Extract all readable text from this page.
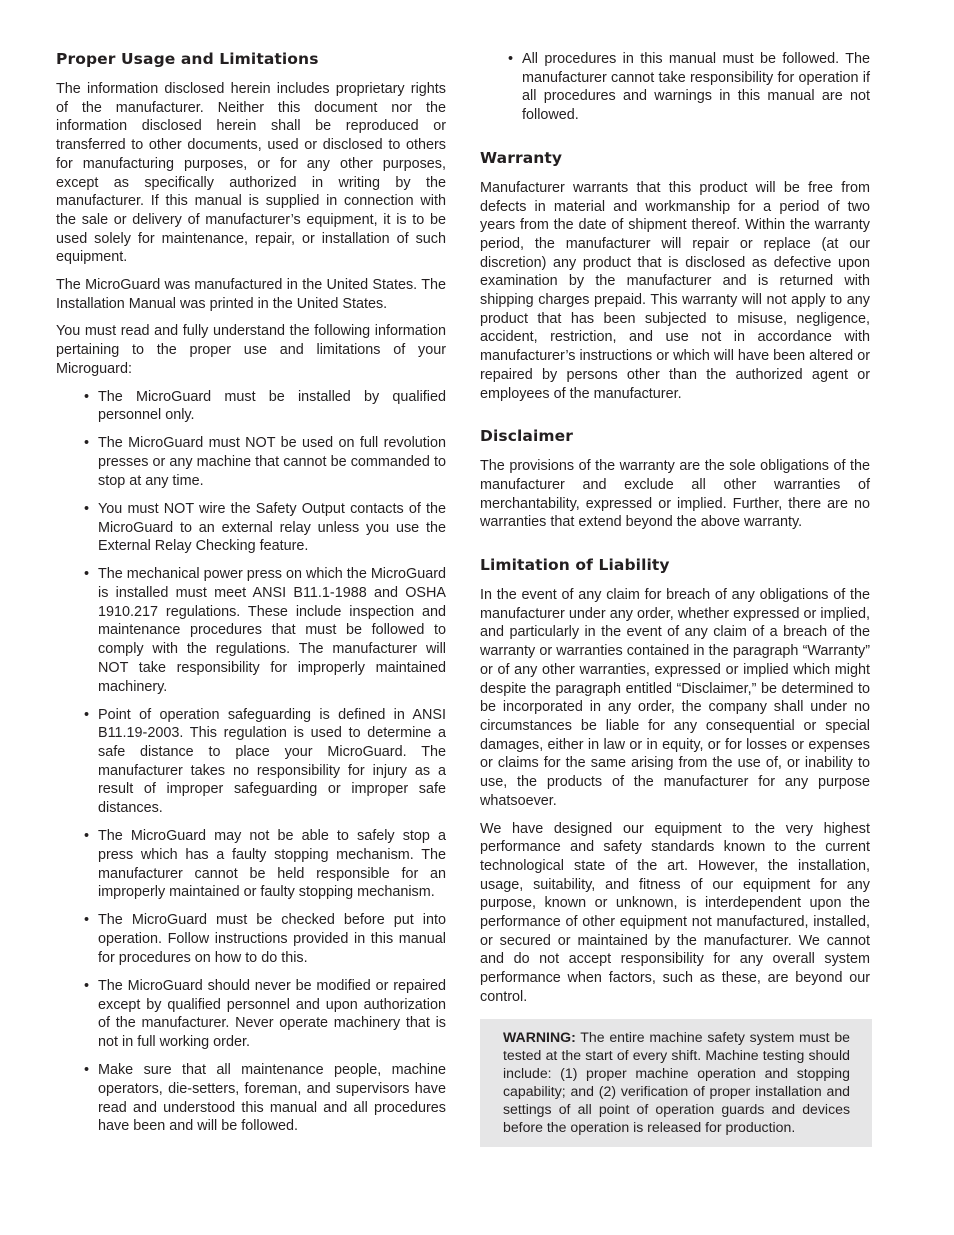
Proper Usage and Limitations

The information disclosed herein includes proprietary rights of the manufacturer. Neither this document nor the information disclosed herein shall be reproduced or transferred to other documents, used or disclosed to others for manufacturing purposes, or for any other purposes, except as specifically authorized in writing by the manufacturer. If this manual is supplied in connection with the sale or delivery of manufacturer’s equipment, it is to be used solely for maintenance, repair, or installation of such equipment.

The MicroGuard was manufactured in the United States. The Installation Manual was printed in the United States.

You must read and fully understand the following information pertaining to the proper use and limitations of your Microguard:

• The MicroGuard must be installed by qualified personnel only.
• The MicroGuard must NOT be used on full revolution presses or any machine that cannot be commanded to stop at any time.
• You must NOT wire the Safety Output contacts of the MicroGuard to an external relay unless you use the External Relay Checking feature.
• The mechanical power press on which the MicroGuard is installed must meet ANSI B11.1-1988 and OSHA 1910.217 regulations. These include inspection and maintenance procedures that must be followed to comply with the regulations. The manufacturer will NOT take responsibility for improperly maintained machinery.
• Point of operation safeguarding is defined in ANSI B11.19-2003. This regulation is used to determine a safe distance to place your MicroGuard. The manufacturer takes no responsibility for injury as a result of improper safeguarding or improper safe distances.
• The MicroGuard may not be able to safely stop a press which has a faulty stopping mechanism. The manufacturer cannot be held responsible for an improperly maintained or faulty stopping mechanism.
• The MicroGuard must be checked before put into operation. Follow instructions provided in this manual for procedures on how to do this.
• The MicroGuard should never be modified or repaired except by qualified personnel and upon authorization of the manufacturer. Never operate machinery that is not in full working order.
• Make sure that all maintenance people, machine operators, die-setters, foreman, and supervisors have read and understood this manual and all procedures have been and will be followed.
• All procedures in this manual must be followed. The manufacturer cannot take responsibility for operation if all procedures and warnings in this manual are not followed.
Warranty

Manufacturer warrants that this product will be free from defects in material and workmanship for a period of two years from the date of shipment thereof. Within the warranty period, the manufacturer will repair or replace (at our discretion) any product that is disclosed as defective upon examination by the manufacturer and is returned with shipping charges prepaid. This warranty will not apply to any product that has been subjected to misuse, negligence, accident, restriction, and use not in accordance with manufacturer’s instructions or which will have been altered or repaired by persons other than the authorized agent or employees of the manufacturer.

Disclaimer

The provisions of the warranty are the sole obligations of the manufacturer and exclude all other warranties of merchantability, expressed or implied. Further, there are no warranties that extend beyond the above warranty.

Limitation of Liability

In the event of any claim for breach of any obligations of the manufacturer under any order, whether expressed or implied, and particularly in the event of any claim of a breach of the warranty or warranties contained in the paragraph “Warranty” or of any other warranties, expressed or implied which might despite the paragraph entitled “Disclaimer,” be determined to be incorporated in any order, the company shall under no circumstances be liable for any consequential or special damages, either in law or in equity, or for losses or expenses or claims for the same arising from the use of, or inability to use, the products of the manufacturer for any purpose whatsoever.

We have designed our equipment to the very highest performance and safety standards known to the current technological state of the art. However, the installation, usage, suitability, and fitness of our equipment for any purpose, known or unknown, is interdependent upon the performance of other equipment not manufactured, installed, or secured or maintained by the manufacturer. We cannot and do not accept responsibility for any overall system performance when factors, such as these, are beyond our control.

WARNING: The entire machine safety system must be tested at the start of every shift. Machine testing should include: (1) proper machine operation and stopping capability; and (2) verification of proper installation and settings of all point of operation guards and devices before the operation is released for production.
